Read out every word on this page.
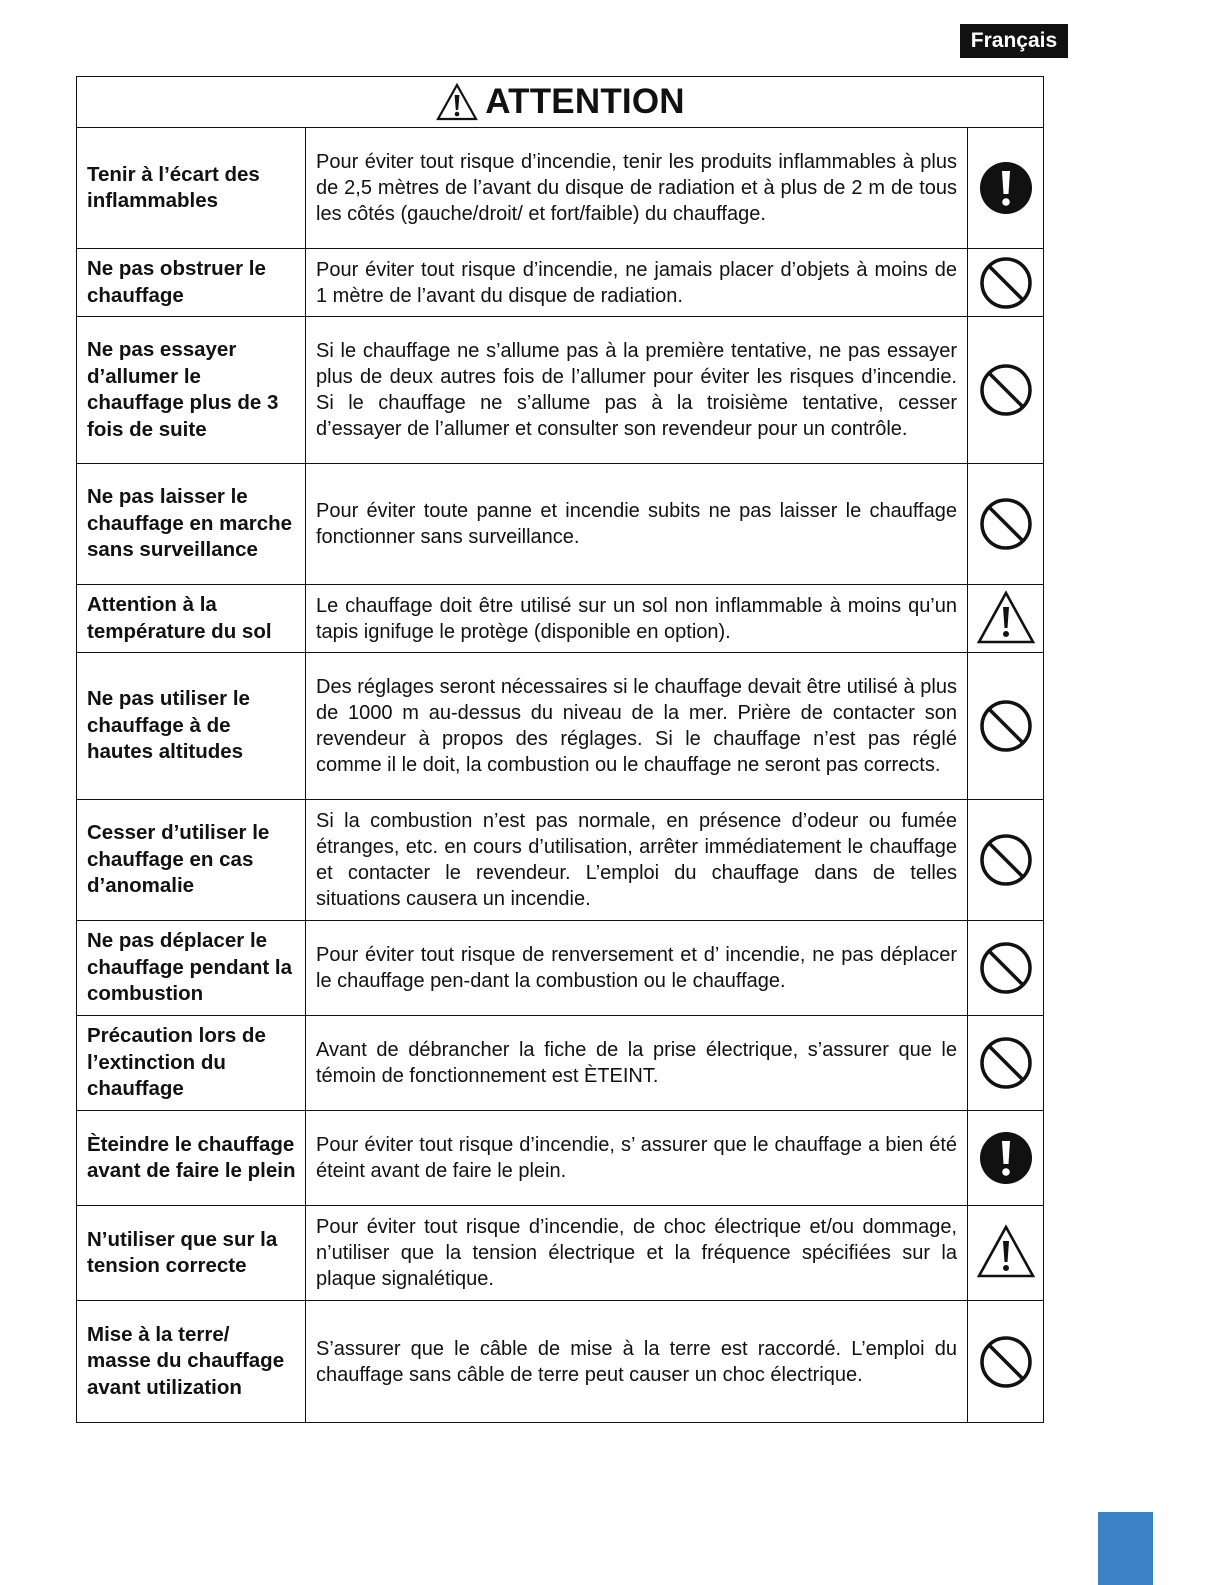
Français
ATTENTION
Tenir à l’écart des inflammables
Pour éviter tout risque d’incendie, tenir les produits inflammables à plus de 2,5 mètres de l’avant du disque de radiation et à plus de 2 m de tous les côtés (gauche/droit/ et fort/faible) du chauffage.
Ne pas obstruer le chauffage
Pour éviter tout risque d’incendie, ne jamais placer d’objets à moins de 1 mètre de l’avant du disque de radiation.
Ne pas essayer d’allumer le chauffage plus de 3 fois de suite
Si le chauffage ne s’allume pas à la première tentative, ne pas essayer plus de deux autres fois de l’allumer pour éviter les risques d’incendie. Si le chauffage ne s’allume pas à la troisième tentative, cesser d’essayer de l’allumer et consulter son revendeur pour un contrôle.
Ne pas laisser le chauffage en marche sans surveillance
Pour éviter toute panne et incendie subits ne pas laisser le chauffage fonctionner sans surveillance.
Attention à la température du sol
Le chauffage doit être utilisé sur un sol non inflammable à moins qu’un tapis ignifuge le protège (disponible en option).
Ne pas utiliser le chauffage à de hautes altitudes
Des réglages seront nécessaires si le chauffage devait être utilisé à plus de 1000 m au-dessus du niveau de la mer. Prière de contacter son revendeur à propos des réglages. Si le chauffage n’est pas réglé comme il le doit, la combustion ou le chauffage ne seront pas corrects.
Cesser d’utiliser le chauffage en cas d’anomalie
Si la combustion n’est pas normale, en présence d’odeur ou fumée étranges, etc. en cours d’utilisation, arrêter immédiatement le chauffage et contacter le revendeur. L’emploi du chauffage dans de telles situations causera un incendie.
Ne pas déplacer le chauffage pendant la combustion
Pour éviter tout risque de renversement et d’ incendie, ne pas déplacer le chauffage pen-dant la combustion ou le chauffage.
Précaution lors de l’extinction du chauffage
Avant de débrancher la fiche de la prise électrique, s’assurer que le témoin de fonctionnement est ÈTEINT.
Èteindre le chauffage avant de faire le plein
Pour éviter tout risque d’incendie, s’ assurer que le chauffage a bien été éteint avant de faire le plein.
N’utiliser que sur la tension correcte
Pour éviter tout risque d’incendie, de choc électrique et/ou dommage, n’utiliser que la tension électrique et la fréquence spécifiées sur la plaque signalétique.
Mise à la terre/ masse du chauffage avant utilization
S’assurer que le câble de mise à la terre est raccordé. L’emploi du chauffage sans câble de terre peut causer un choc électrique.
